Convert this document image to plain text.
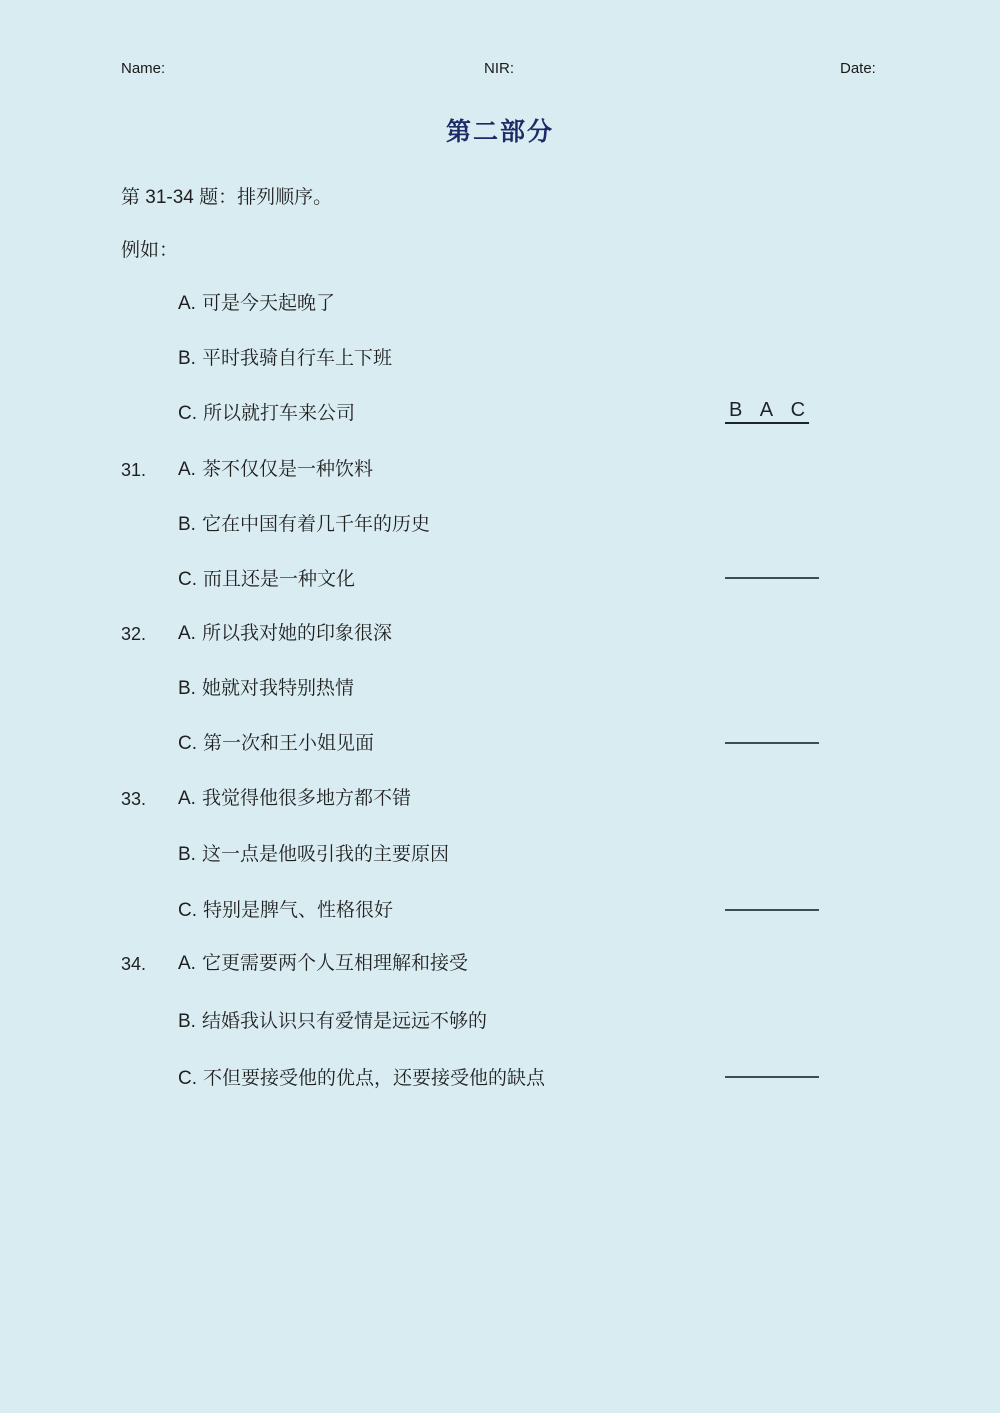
Name:	NIR:	Date:
第二部分
第 31-34 题：排列顺序。
例如：
A. 可是今天起晚了
B. 平时我骑自行车上下班
C. 所以就打车来公司	B A C
31. A. 茶不仅仅是一种饮料
B. 它在中国有着几千年的历史
C. 而且还是一种文化
32. A. 所以我对她的印象很深
B. 她就对我特别热情
C. 第一次和王小姐见面
33. A. 我觉得他很多地方都不错
B. 这一点是他吸引我的主要原因
C. 特别是脾气、性格很好
34. A. 它更需要两个人互相理解和接受
B. 结婚我认识只有爱情是远远不够的
C. 不但要接受他的优点，还要接受他的缺点
